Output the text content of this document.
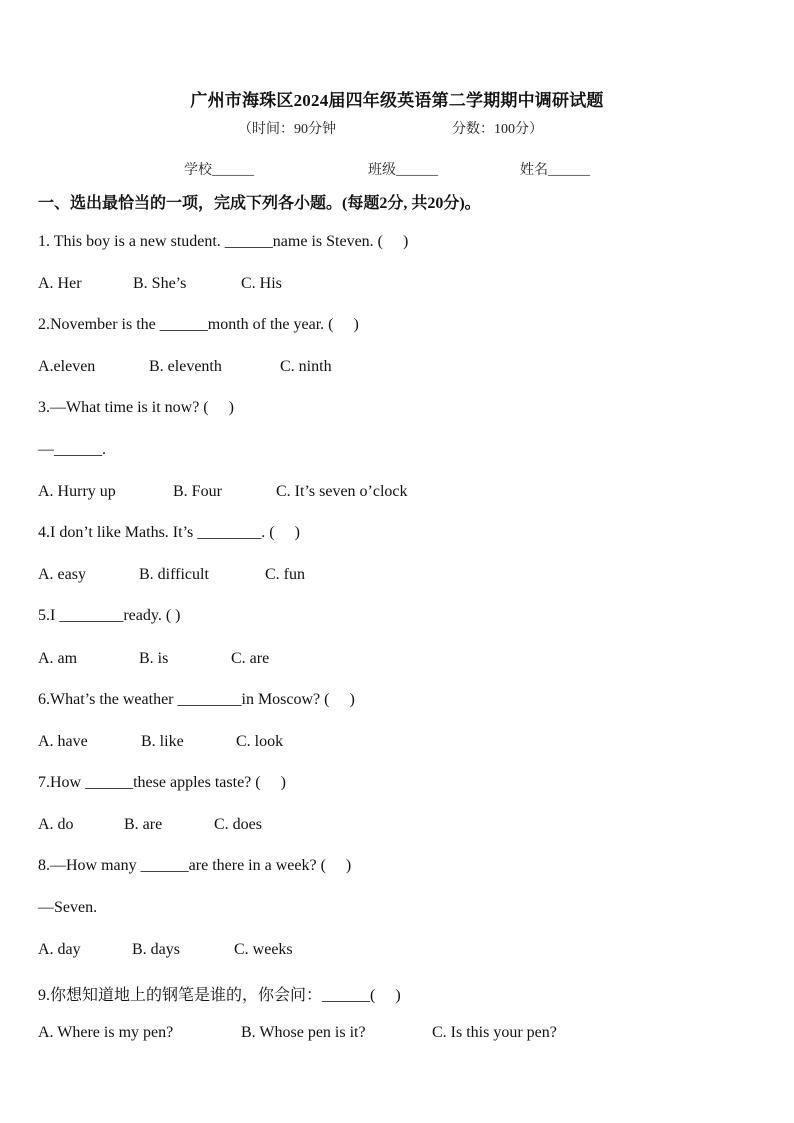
广州市海珠区2024届四年级英语第二学期期中调研试题
（时间：90分钟	分数：100分）
学校______	班级______	姓名______
一、选出最恰当的一项，完成下列各小题。(每题2分, 共20分)。
1. This boy is a new student. ______name is Steven. (     )
A. Her	B. She’s	C. His
2.November is the ______month of the year. (     )
A.eleven	B. eleventh	C. ninth
3.—What time is it now? (     )
—______.
A. Hurry up	B. Four	C. It’s seven o’clock
4.I don’t like Maths. It’s ________. (     )
A. easy	B. difficult	C. fun
5.I ________ready. ( )
A. am	B. is	C. are
6.What’s the weather ________in Moscow? (     )
A. have	B. like	C. look
7.How ______these apples taste? (     )
A. do	B. are	C. does
8.—How many ______are there in a week? (     )
—Seven.
A. day	B. days	C. weeks
9.你想知道地上的钢笔是谁的，你会问：______(     )
A. Where is my pen?	B. Whose pen is it?	C. Is this your pen?
